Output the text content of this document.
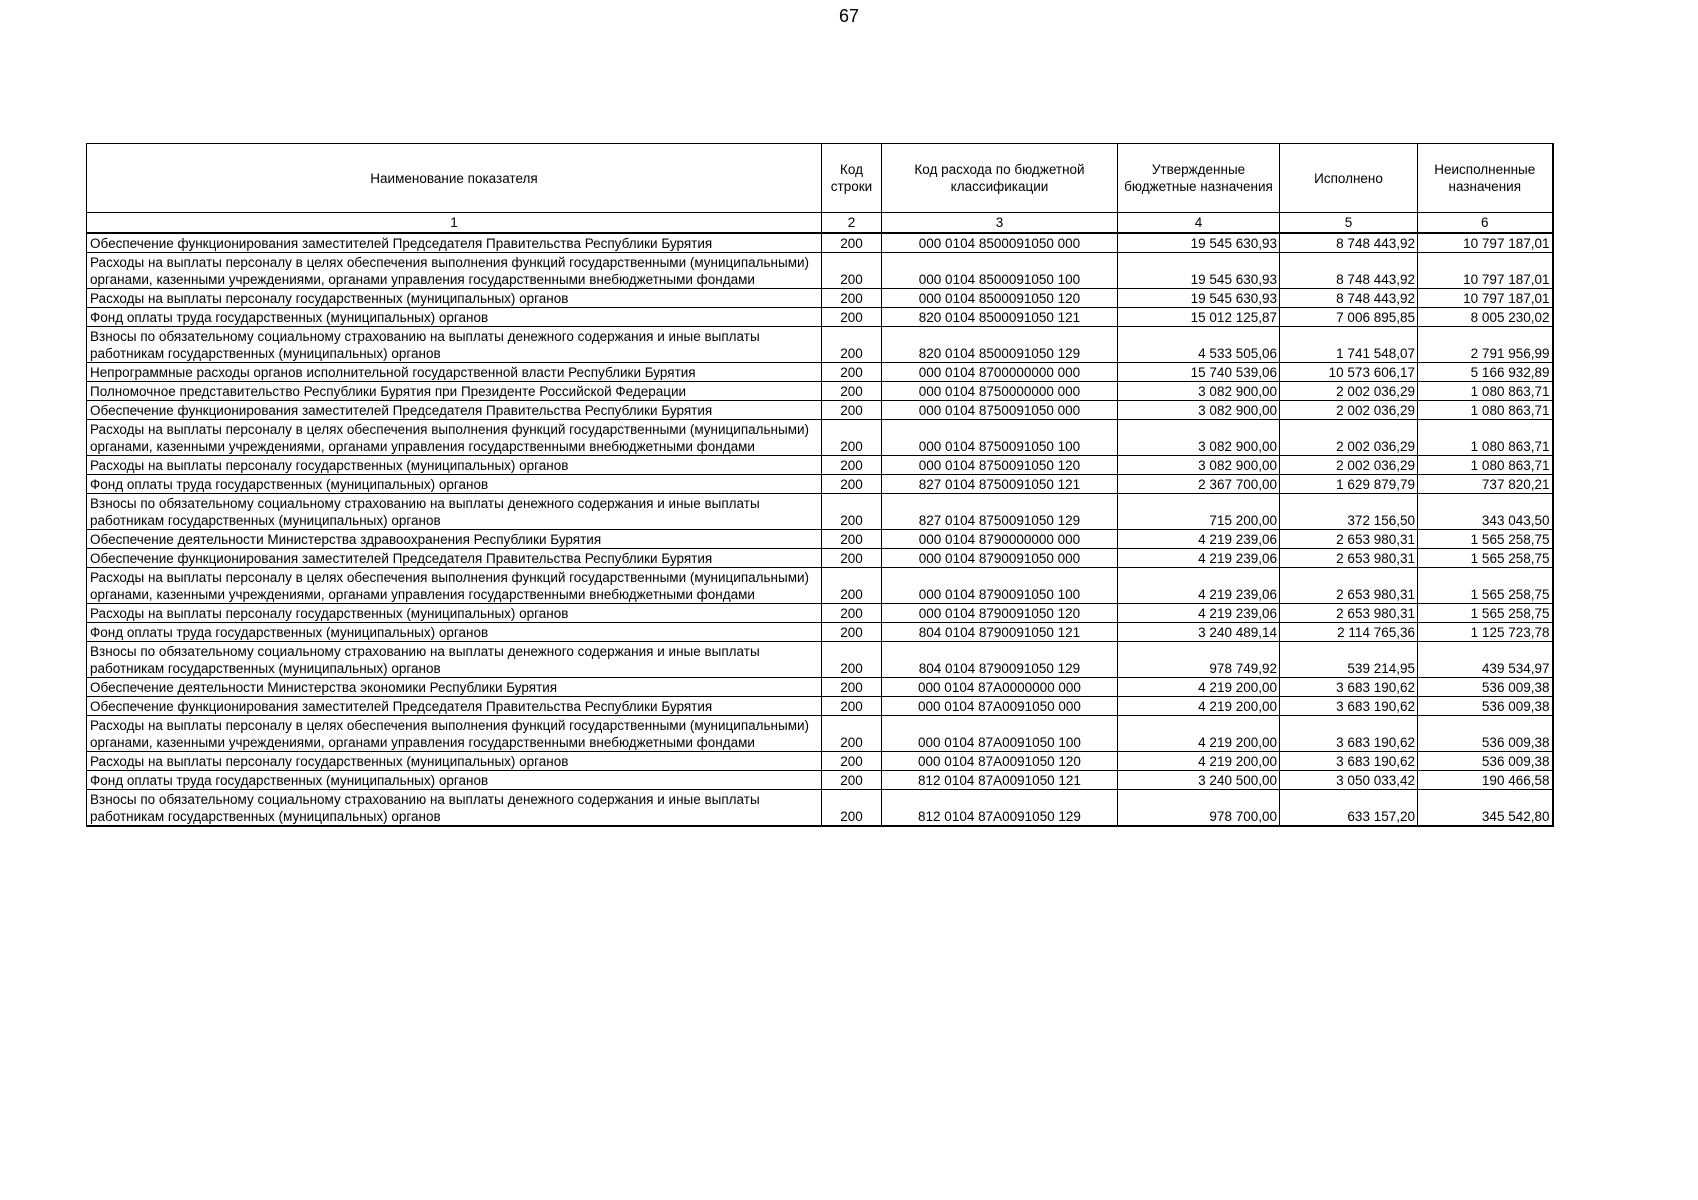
67
Наименование показателя	Код строки	Код расхода по бюджетной классификации	Утвержденные бюджетные назначения	Исполнено	Неисполненные назначения
1	2	3	4	5	6
Обеспечение функционирования заместителей Председателя Правительства Республики Бурятия	200	000 0104 8500091050 000	19 545 630,93	8 748 443,92	10 797 187,01
Расходы на выплаты персоналу в целях обеспечения выполнения функций государственными (муниципальными) органами, казенными учреждениями, органами управления государственными внебюджетными фондами	200	000 0104 8500091050 100	19 545 630,93	8 748 443,92	10 797 187,01
Расходы на выплаты персоналу государственных (муниципальных) органов	200	000 0104 8500091050 120	19 545 630,93	8 748 443,92	10 797 187,01
Фонд оплаты труда государственных (муниципальных) органов	200	820 0104 8500091050 121	15 012 125,87	7 006 895,85	8 005 230,02
Взносы по обязательному социальному страхованию на выплаты денежного содержания и иные выплаты работникам государственных (муниципальных) органов	200	820 0104 8500091050 129	4 533 505,06	1 741 548,07	2 791 956,99
Непрограммные расходы органов исполнительной государственной власти Республики Бурятия	200	000 0104 8700000000 000	15 740 539,06	10 573 606,17	5 166 932,89
Полномочное представительство Республики Бурятия при Президенте Российской Федерации	200	000 0104 8750000000 000	3 082 900,00	2 002 036,29	1 080 863,71
Обеспечение функционирования заместителей Председателя Правительства Республики Бурятия	200	000 0104 8750091050 000	3 082 900,00	2 002 036,29	1 080 863,71
Расходы на выплаты персоналу в целях обеспечения выполнения функций государственными (муниципальными) органами, казенными учреждениями, органами управления государственными внебюджетными фондами	200	000 0104 8750091050 100	3 082 900,00	2 002 036,29	1 080 863,71
Расходы на выплаты персоналу государственных (муниципальных) органов	200	000 0104 8750091050 120	3 082 900,00	2 002 036,29	1 080 863,71
Фонд оплаты труда государственных (муниципальных) органов	200	827 0104 8750091050 121	2 367 700,00	1 629 879,79	737 820,21
Взносы по обязательному социальному страхованию на выплаты денежного содержания и иные выплаты работникам государственных (муниципальных) органов	200	827 0104 8750091050 129	715 200,00	372 156,50	343 043,50
Обеспечение деятельности Министерства здравоохранения Республики Бурятия	200	000 0104 8790000000 000	4 219 239,06	2 653 980,31	1 565 258,75
Обеспечение функционирования заместителей Председателя Правительства Республики Бурятия	200	000 0104 8790091050 000	4 219 239,06	2 653 980,31	1 565 258,75
Расходы на выплаты персоналу в целях обеспечения выполнения функций государственными (муниципальными) органами, казенными учреждениями, органами управления государственными внебюджетными фондами	200	000 0104 8790091050 100	4 219 239,06	2 653 980,31	1 565 258,75
Расходы на выплаты персоналу государственных (муниципальных) органов	200	000 0104 8790091050 120	4 219 239,06	2 653 980,31	1 565 258,75
Фонд оплаты труда государственных (муниципальных) органов	200	804 0104 8790091050 121	3 240 489,14	2 114 765,36	1 125 723,78
Взносы по обязательному социальному страхованию на выплаты денежного содержания и иные выплаты работникам государственных (муниципальных) органов	200	804 0104 8790091050 129	978 749,92	539 214,95	439 534,97
Обеспечение деятельности Министерства экономики Республики Бурятия	200	000 0104 87А0000000 000	4 219 200,00	3 683 190,62	536 009,38
Обеспечение функционирования заместителей Председателя Правительства Республики Бурятия	200	000 0104 87А0091050 000	4 219 200,00	3 683 190,62	536 009,38
Расходы на выплаты персоналу в целях обеспечения выполнения функций государственными (муниципальными) органами, казенными учреждениями, органами управления государственными внебюджетными фондами	200	000 0104 87А0091050 100	4 219 200,00	3 683 190,62	536 009,38
Расходы на выплаты персоналу государственных (муниципальных) органов	200	000 0104 87А0091050 120	4 219 200,00	3 683 190,62	536 009,38
Фонд оплаты труда государственных (муниципальных) органов	200	812 0104 87А0091050 121	3 240 500,00	3 050 033,42	190 466,58
Взносы по обязательному социальному страхованию на выплаты денежного содержания и иные выплаты работникам государственных (муниципальных) органов	200	812 0104 87А0091050 129	978 700,00	633 157,20	345 542,80
